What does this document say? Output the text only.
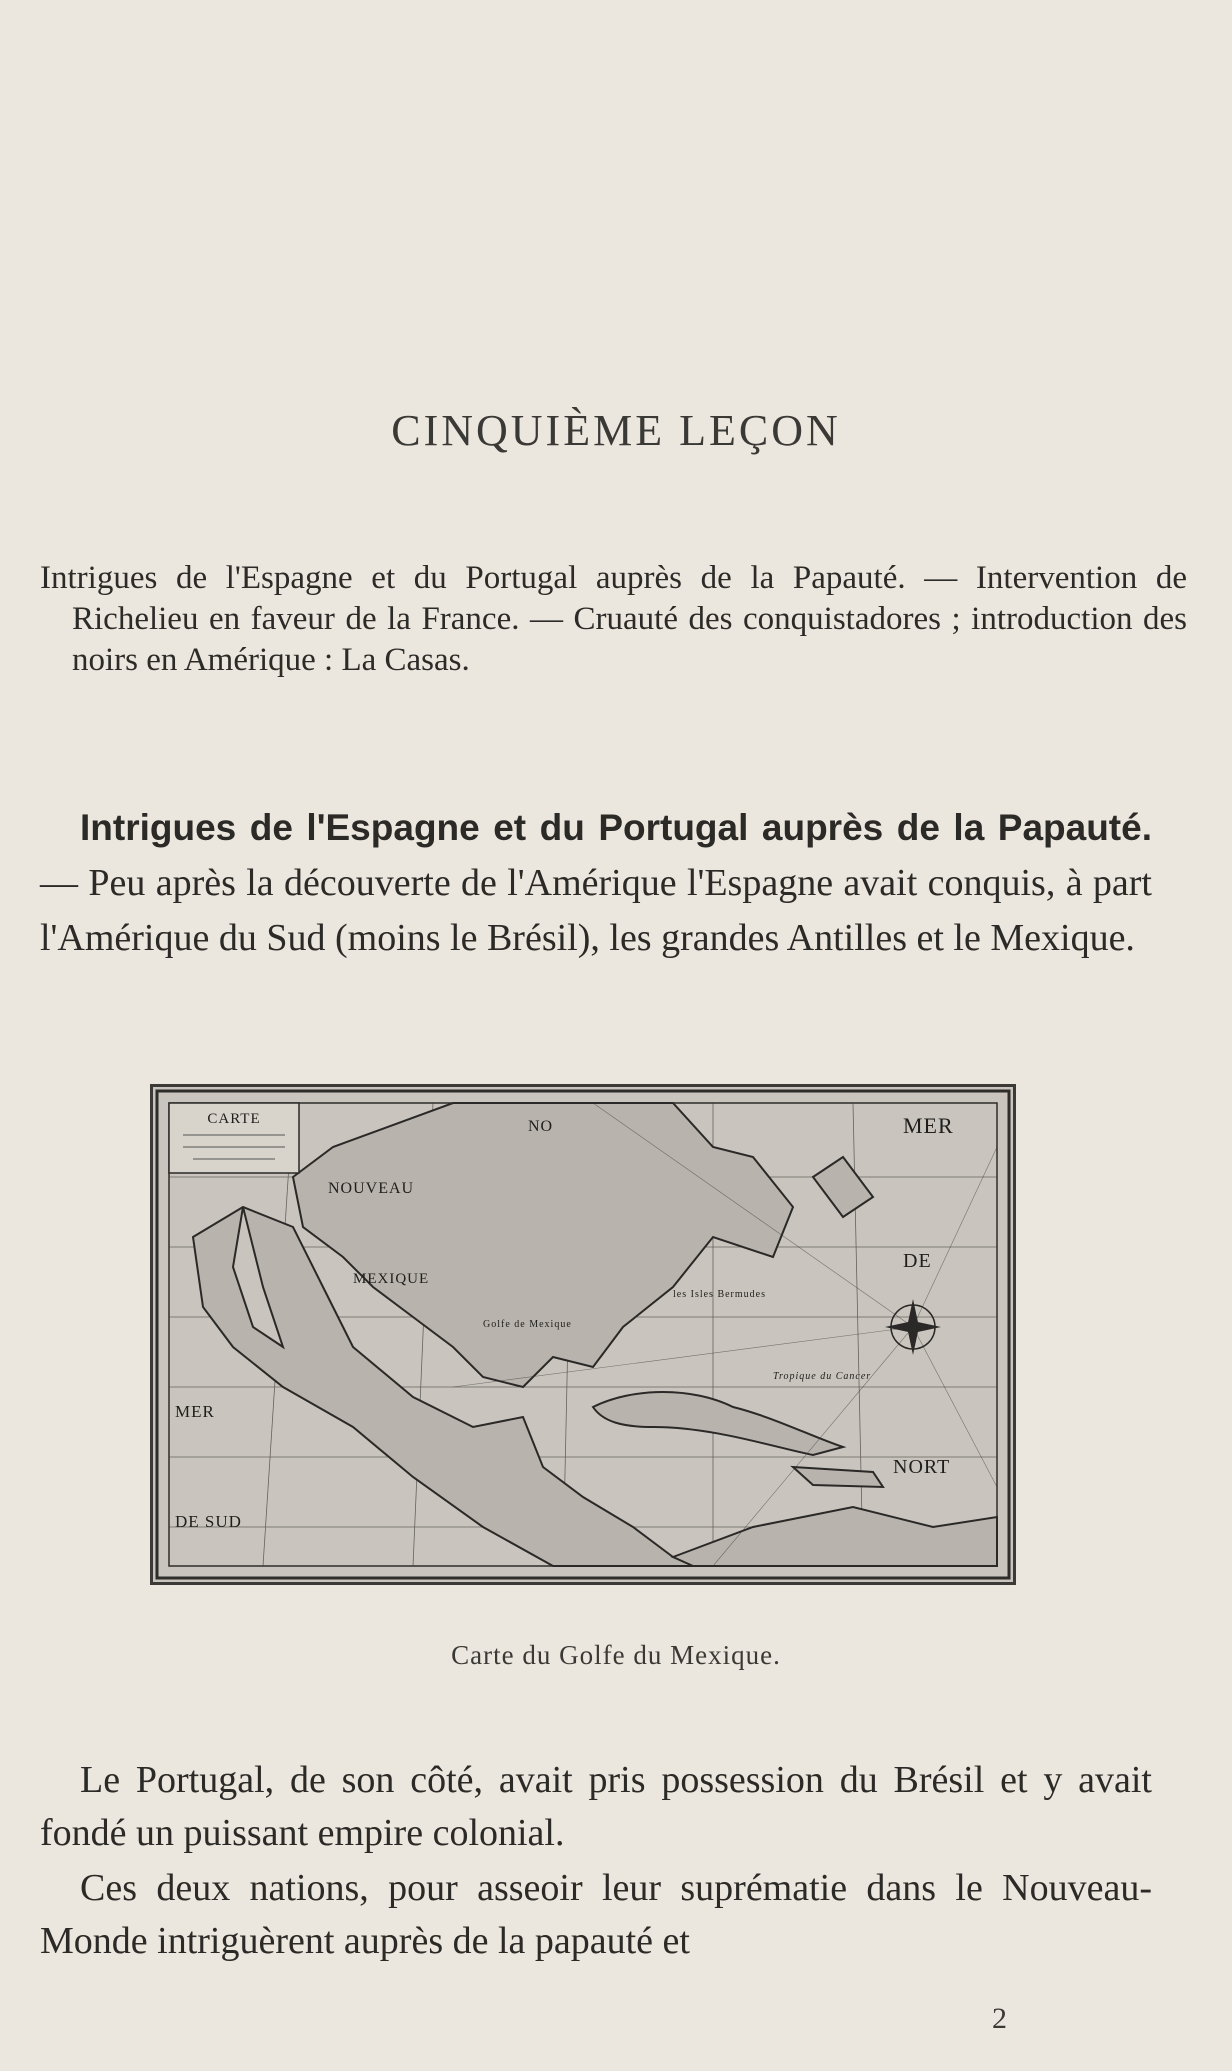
CINQUIÈME LEÇON
Intrigues de l'Espagne et du Portugal auprès de la Papauté. — Intervention de Richelieu en faveur de la France. — Cruauté des conquistadores ; introduction des noirs en Amérique : La Casas.
Intrigues de l'Espagne et du Portugal auprès de la Papauté. — Peu après la découverte de l'Amérique l'Espagne avait conquis, à part l'Amérique du Sud (moins le Brésil), les grandes Antilles et le Mexique.
CARTE
NOUVEAU
MEXIQUE
NO	MER
DE
NORT
MER
DE SUD
Golfe de Mexique
les Isles Bermudes
Tropique du Cancer
Carte du Golfe du Mexique.
Le Portugal, de son côté, avait pris possession du Brésil et y avait fondé un puissant empire colonial.
Ces deux nations, pour asseoir leur suprématie dans le Nouveau-Monde intriguèrent auprès de la papauté et
2
